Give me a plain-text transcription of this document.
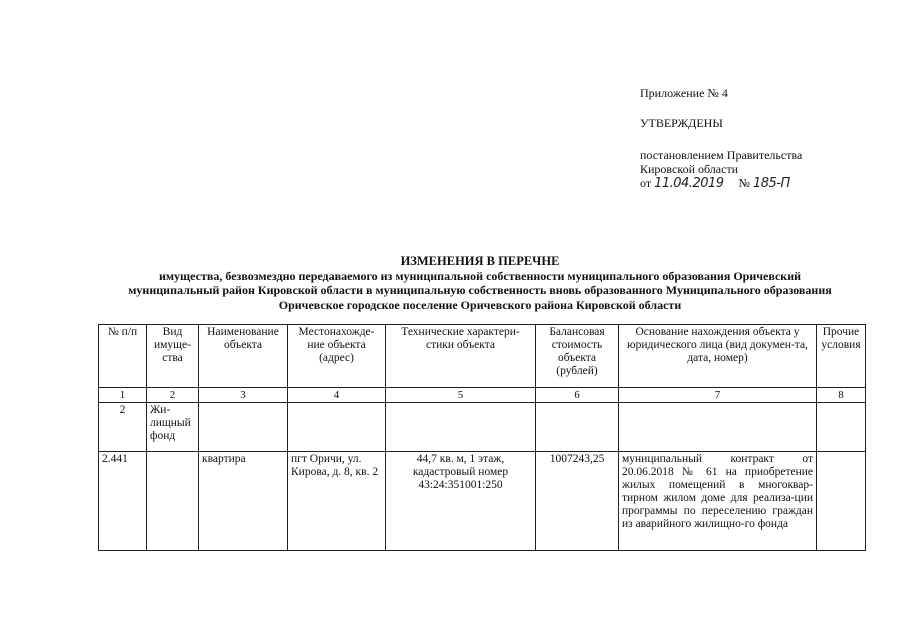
Приложение № 4
УТВЕРЖДЕНЫ
постановлением Правительства
Кировской области
от 11.04.2019 № 185-П
ИЗМЕНЕНИЯ В ПЕРЕЧНЕ
имущества, безвозмездно передаваемого из муниципальной собственности муниципального образования Оричевский
муниципальный район Кировской области в муниципальную собственность вновь образованного Муниципального образования
Оричевское городское поселение Оричевского района Кировской области
№ п/п	Вид имуще-ства	Наименование объекта	Местонахожде-ние объекта (адрес)	Технические характери-стики объекта	Балансовая стоимость объекта (рублей)	Основание нахождения объекта у юридического лица (вид докумен-та, дата, номер)	Прочие условия
1	2	3	4	5	6	7	8
2	Жи-лищный фонд						
2.441		квартира	пгт Оричи, ул. Кирова, д. 8, кв. 2	44,7 кв. м, 1 этаж, кадастровый номер 43:24:351001:250	1007243,25	муниципальный контракт от 20.06.2018 № 61 на приобретение жилых помещений в многоквар-тирном жилом доме для реализа-ции программы по переселению граждан из аварийного жилищно-го фонда	
